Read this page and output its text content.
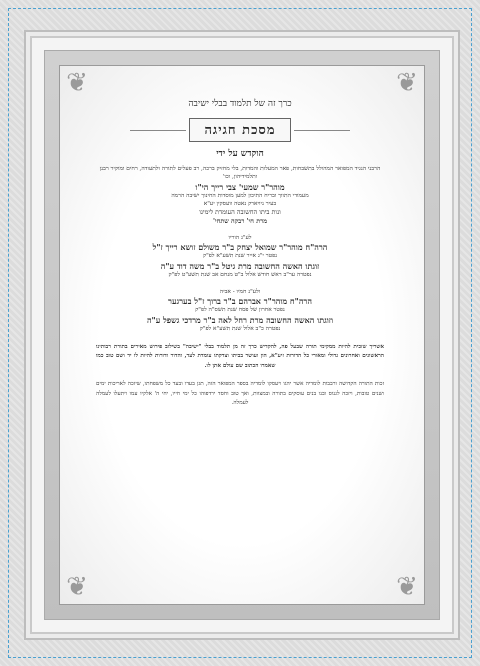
❦	❦
❦	❦

כרך זה של תלמוד בבלי ישיבה

מסכת חגיגה

הוקדש על ידי

הרבני הנגיד המפואר המהולל בתשבחות, פאר המעלות והמדות, בלי מחזיק ברכה, רב פעלים לתורה ולתעודה, רחים ומוקיר רבנן ותלמידיהון, וכו'

מוהר"ר שמעי' צבי רייך הי"ו

מעמודי התווך ובריח התיכון למען מוסדות החינוך ישיבה הרמה

בעיר ניויארק נאטה וועסקין יע"א

ונות ביתו החשובה העומדת לימינו

מרת חי' רבקה שתחי'

לע"נ הוריו

הרה"ח מוהר"ר שמואל יצחק ב"ר משולם זושא רייך ז"ל

נפטר י"ג אייר שנת תשע"א לפ"ק

זוגתו האשה החשובה מרת גיטל ב"ר משה דוד ע"ה

נפטרה ער"ב ראש חודש אלול ב"ט מנחם אב שנת תשע"ט לפ"ק

ולע"נ חמיו - אביה

הרה"ח מוהר"ר אברהם ב"ר ברוך ז"ל בערגער

נפטר אחרון של פסח שנת תשס"ה לפ"ק

וזוגתו האשה החשובה מרת רחל לאה ב"ר מרדכי גשפל ע"ה

נפטרה כ"ב אלול שנת תשע"א לפ"ק

אשריך שזכית להיות ממקימי תורה שבעל פה, להקדיש כרך זה מן תלמוד בבלי "ישיבה" בשילוב פירוש מאירים בתורת רבותינו הראשונים ואחרונים גדולי ומאורי כל הדורות זיע"א, הון ועושר בביתו וצדקתו עומדת לעד, והדור ודורות להיות לו יד ושם טוב כמו שאמרו הכתוב שם עולם אתן לו.

זכות התורה הקדושה ורבבות לומדיה אשר יהגו ויעסקו לומדיה בספר המפואר הזה, תגן בעדו ובעד כל משפחתו, שיזכה לאריכות ימים ושנים טובות, ויזכה לגנוס ובנו בנים עוסקים בתורה ובמצוות, ואך טוב וחסד ירדפוהו כל ימי חייו, יחי ה' אלקיו עמו ויתעלו לעמלה לעמלה.
